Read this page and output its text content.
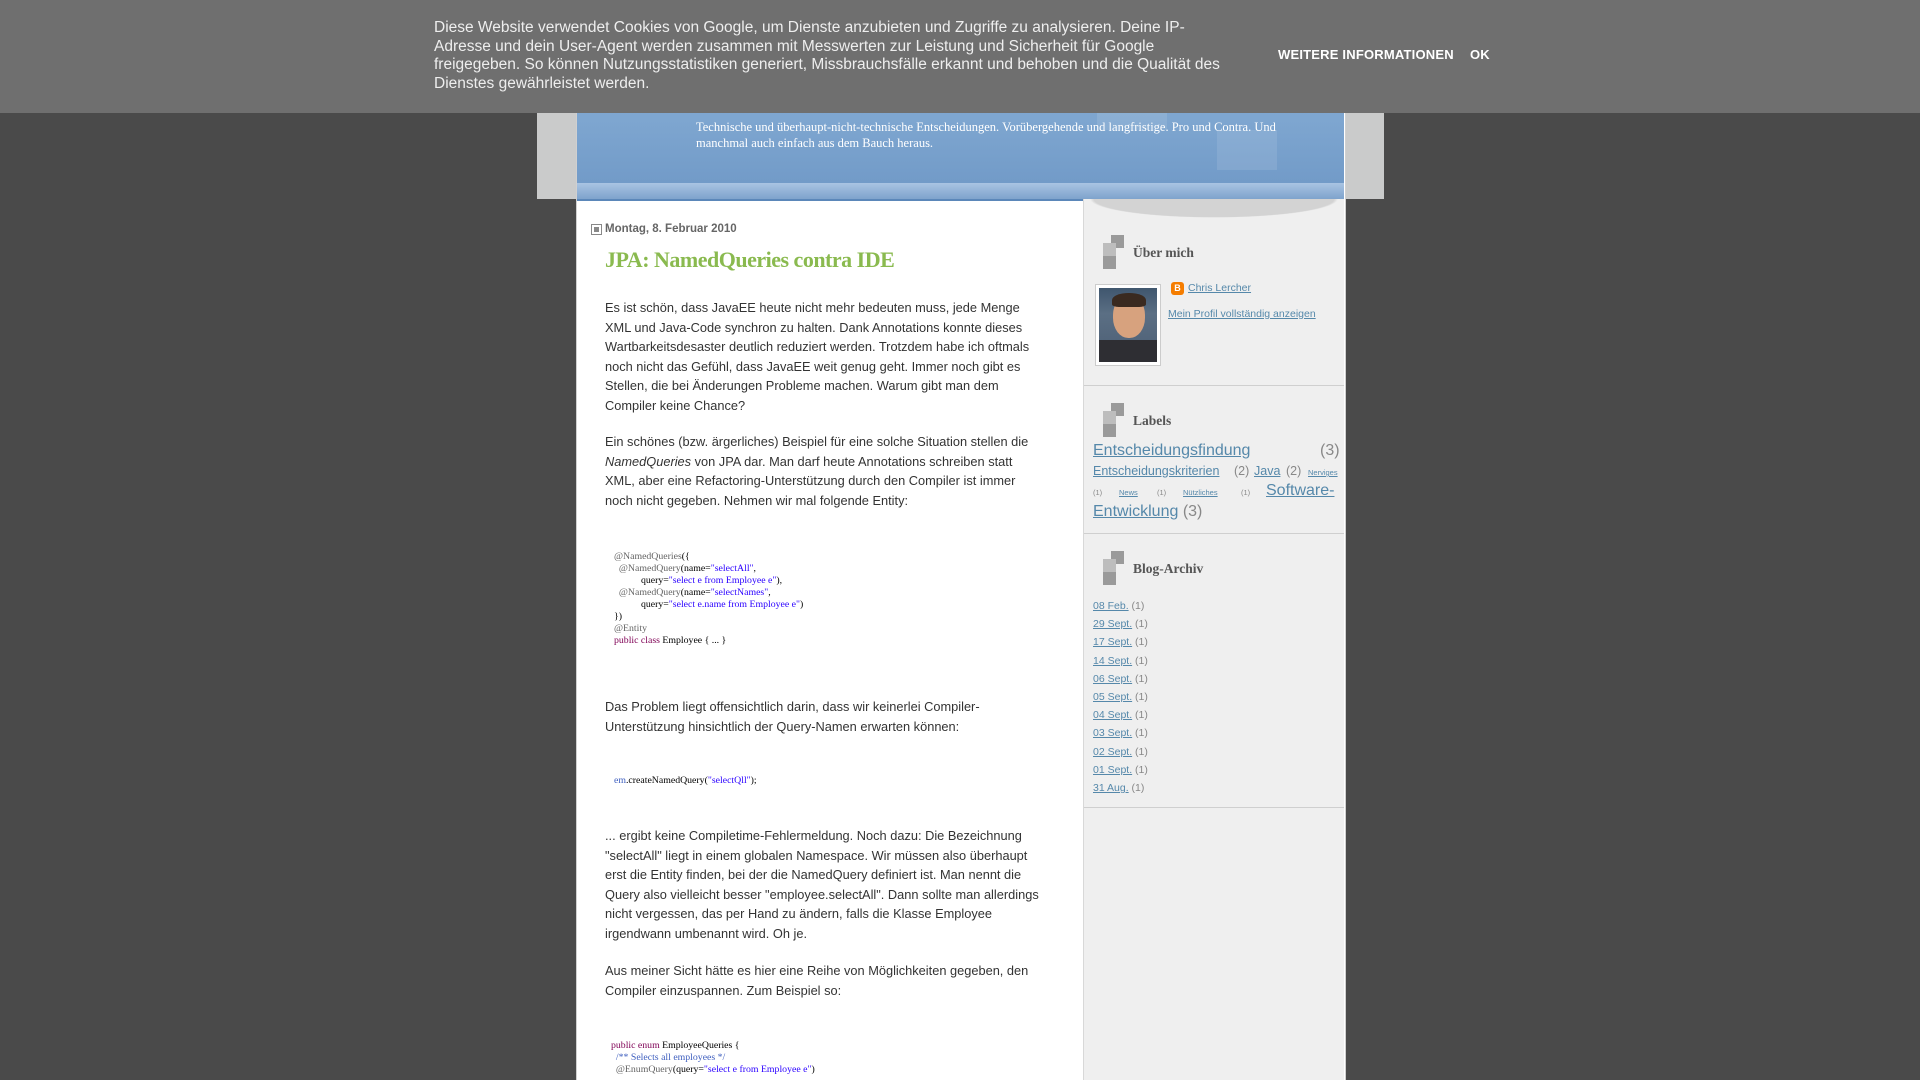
Technische und überhaupt-nicht-technische Entscheidungen. Vorübergehende und langfristige. Pro und Contra. Und manchmal auch einfach aus dem Bauch heraus.
Diese Website verwendet Cookies von Google, um Dienste anzubieten und Zugriffe zu analysieren. Deine IP-Adresse und dein User-Agent werden zusammen mit Messwerten zur Leistung und Sicherheit für Google freigegeben. So können Nutzungsstatistiken generiert, Missbrauchsfälle erkannt und behoben und die Qualität des Dienstes gewährleistet werden.
WEITERE INFORMATIONEN OK
Montag, 8. Februar 2010
JPA: NamedQueries contra IDE

Es ist schön, dass JavaEE heute nicht mehr bedeuten muss, jede Menge XML und Java-Code synchron zu halten. Dank Annotations konnte dieses Wartbarkeitsdesaster deutlich reduziert werden. Trotzdem habe ich oftmals noch nicht das Gefühl, dass JavaEE weit genug geht. Immer noch gibt es Stellen, die bei Änderungen Probleme machen. Warum gibt man dem Compiler keine Chance?

Ein schönes (bzw. ärgerliches) Beispiel für eine solche Situation stellen die NamedQueries von JPA dar. Man darf heute Annotations schreiben statt XML, aber eine Refactoring-Unterstützung durch den Compiler ist immer noch nicht gegeben. Nehmen wir mal folgende Entity:

@NamedQueries({
@NamedQuery(name="selectAll",
query="select e from Employee e"),
@NamedQuery(name="selectNames",
query="select e.name from Employee e")
})
@Entity
public class Employee { ... }

Das Problem liegt offensichtlich darin, dass wir keinerlei Compiler-Unterstützung hinsichtlich der Query-Namen erwarten können:

em.createNamedQuery("selectQll");

... ergibt keine Compiletime-Fehlermeldung. Noch dazu: Die Bezeichnung "selectAll" liegt in einem globalen Namespace. Wir müssen also überhaupt erst die Entity finden, bei der die NamedQuery definiert ist. Man nennt die Query also vielleicht besser "employee.selectAll". Dann sollte man allerdings nicht vergessen, das per Hand zu ändern, falls die Klasse Employee irgendwann umbenannt wird. Oh je.

Aus meiner Sicht hätte es hier eine Reihe von Möglichkeiten gegeben, den Compiler einzuspannen. Zum Beispiel so:

public enum EmployeeQueries {
/** Selects all employees */
@EnumQuery(query="select e from Employee e")
Über mich
B Chris Lercher
Mein Profil vollständig anzeigen
Labels
Entscheidungsfindung	(3)
Entscheidungskriterien (2) Java (2) Nerviges
(1) News	(1) Nützliches	(1) Software-Entwicklung (3)
Blog-Archiv
08 Feb. (1)
29 Sept. (1)
17 Sept. (1)
14 Sept. (1)
06 Sept. (1)
05 Sept. (1)
04 Sept. (1)
03 Sept. (1)
02 Sept. (1)
01 Sept. (1)
31 Aug. (1)
